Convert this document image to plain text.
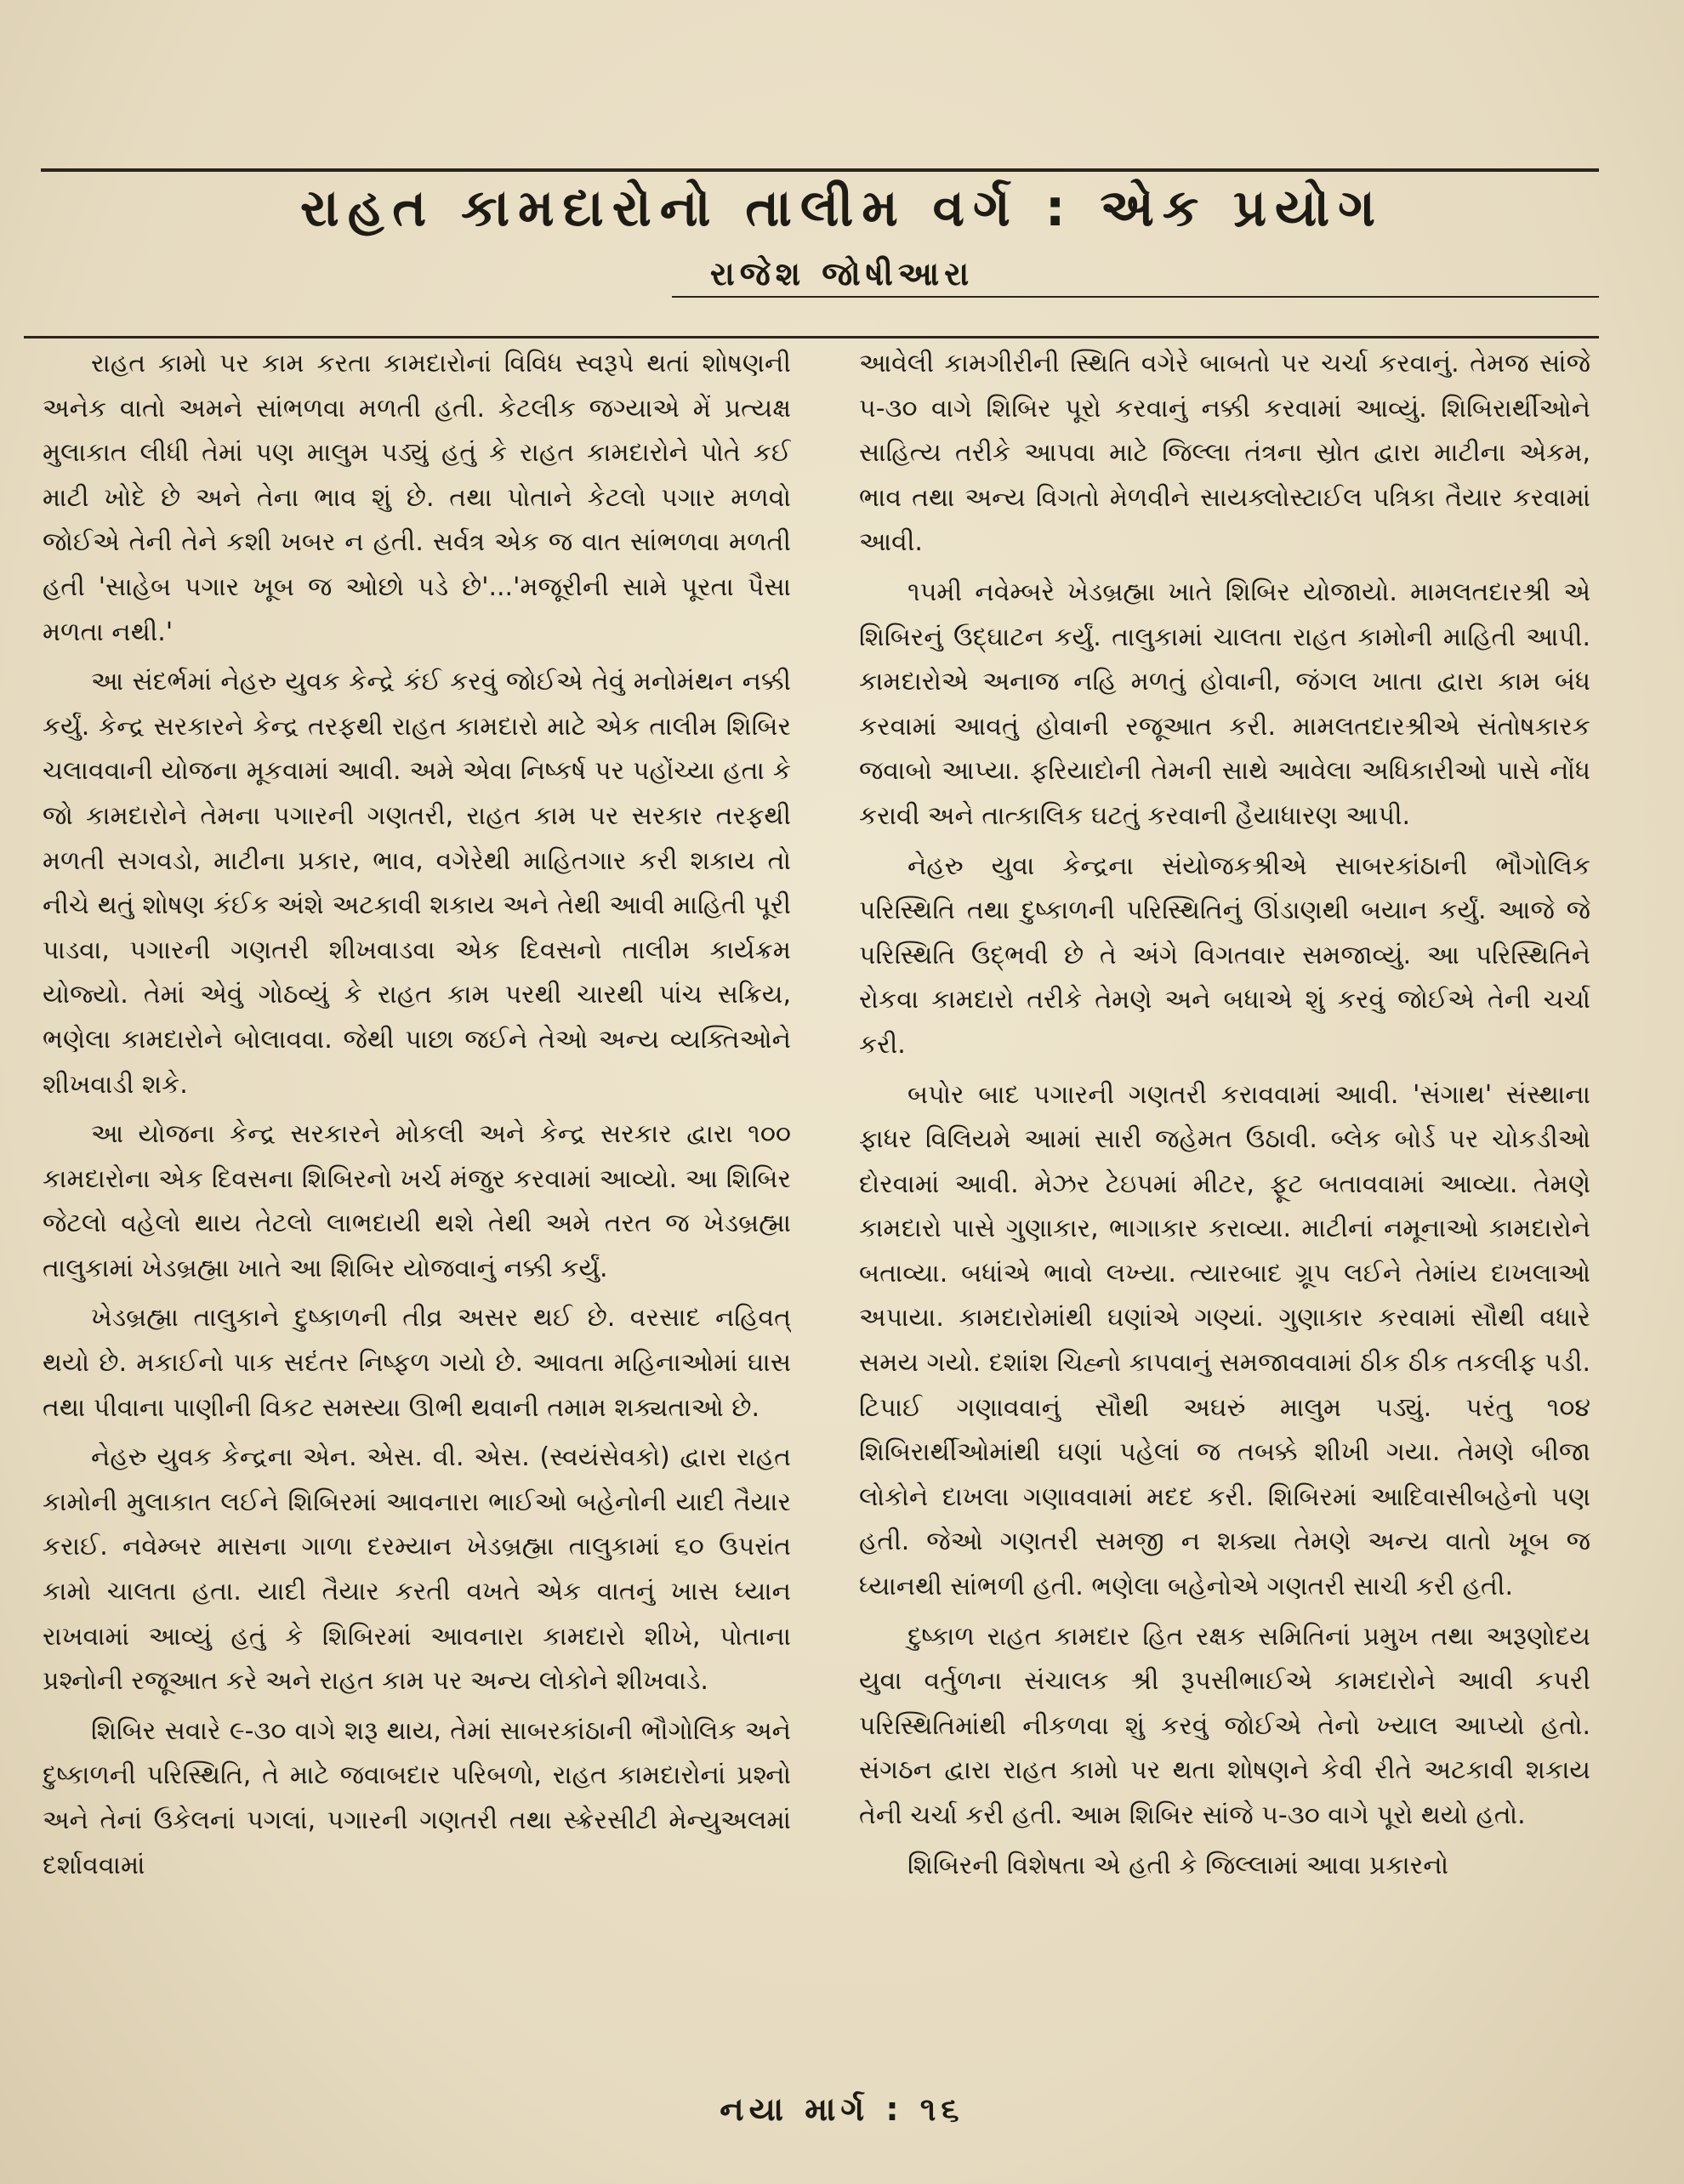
રાહત કામદારોનો તાલીમ વર્ગ : એક પ્રયોગ
રાજેશ જોષીઆરા

રાહત કામો પર કામ કરતા કામદારોનાં વિવિધ સ્વરૂપે થતાં શોષણની અનેક વાતો અમને સાંભળવા મળતી હતી. કેટલીક જગ્યાએ મેં પ્રત્યક્ષ મુલાકાત લીધી તેમાં પણ માલુમ પડ્યું હતું કે રાહત કામદારોને પોતે કઈ માટી ખોદે છે અને તેના ભાવ શું છે. તથા પોતાને કેટલો પગાર મળવો જોઈએ તેની તેને કશી ખબર ન હતી. સર્વત્ર એક જ વાત સાંભળવા મળતી હતી 'સાહેબ પગાર ખૂબ જ ઓછો પડે છે'...'મજૂરીની સામે પૂરતા પૈસા મળતા નથી.'

આ સંદર્ભમાં નેહરુ યુવક કેન્દ્રે કંઈ કરવું જોઈએ તેવું મનોમંથન નક્કી કર્યું. કેન્દ્ર સરકારને કેન્દ્ર તરફથી રાહત કામદારો માટે એક તાલીમ શિબિર ચલાવવાની યોજના મૂકવામાં આવી. અમે એવા નિષ્કર્ષ પર પહોંચ્યા હતા કે જો કામદારોને તેમના પગારની ગણતરી, રાહત કામ પર સરકાર તરફથી મળતી સગવડો, માટીના પ્રકાર, ભાવ, વગેરેથી માહિતગાર કરી શકાય તો નીચે થતું શોષણ કંઈક અંશે અટકાવી શકાય અને તેથી આવી માહિતી પૂરી પાડવા, પગારની ગણતરી શીખવાડવા એક દિવસનો તાલીમ કાર્યક્રમ યોજ્યો. તેમાં એવું ગોઠવ્યું કે રાહત કામ પરથી ચારથી પાંચ સક્રિય, ભણેલા કામદારોને બોલાવવા. જેથી પાછા જઈને તેઓ અન્ય વ્યક્તિઓને શીખવાડી શકે.

આ યોજના કેન્દ્ર સરકારને મોકલી અને કેન્દ્ર સરકાર દ્વારા ૧૦૦ કામદારોના એક દિવસના શિબિરનો ખર્ચ મંજુર કરવામાં આવ્યો. આ શિબિર જેટલો વહેલો થાય તેટલો લાભદાયી થશે તેથી અમે તરત જ ખેડબ્રહ્મા તાલુકામાં ખેડબ્રહ્મા ખાતે આ શિબિર યોજવાનું નક્કી કર્યું.

ખેડબ્રહ્મા તાલુકાને દુષ્કાળની તીવ્ર અસર થઈ છે. વરસાદ નહિવત્ થયો છે. મકાઈનો પાક સદંતર નિષ્ફળ ગયો છે. આવતા મહિનાઓમાં ઘાસ તથા પીવાના પાણીની વિકટ સમસ્યા ઊભી થવાની તમામ શક્યતાઓ છે.

નેહરુ યુવક કેન્દ્રના એન. એસ. વી. એસ. (સ્વયંસેવકો) દ્વારા રાહત કામોની મુલાકાત લઈને શિબિરમાં આવનારા ભાઈઓ બહેનોની યાદી તૈયાર કરાઈ. નવેમ્બર માસના ગાળા દરમ્યાન ખેડબ્રહ્મા તાલુકામાં ૬૦ ઉપરાંત કામો ચાલતા હતા. યાદી તૈયાર કરતી વખતે એક વાતનું ખાસ ધ્યાન રાખવામાં આવ્યું હતું કે શિબિરમાં આવનારા કામદારો શીખે, પોતાના પ્રશ્નોની રજૂઆત કરે અને રાહત કામ પર અન્ય લોકોને શીખવાડે.

શિબિર સવારે ૯-૩૦ વાગે શરૂ થાય, તેમાં સાબરકાંઠાની ભૌગોલિક અને દુષ્કાળની પરિસ્થિતિ, તે માટે જવાબદાર પરિબળો, રાહત કામદારોનાં પ્રશ્નો અને તેનાં ઉકેલનાં પગલાં, પગારની ગણતરી તથા સ્ક્રેરસીટી મેન્યુઅલમાં દર્શાવવામાં

આવેલી કામગીરીની સ્થિતિ વગેરે બાબતો પર ચર્ચા કરવાનું. તેમજ સાંજે ૫-૩૦ વાગે શિબિર પૂરો કરવાનું નક્કી કરવામાં આવ્યું. શિબિરાર્થીઓને સાહિત્ય તરીકે આપવા માટે જિલ્લા તંત્રના સ્રોત દ્વારા માટીના એકમ, ભાવ તથા અન્ય વિગતો મેળવીને સાયક્લોસ્ટાઈલ પત્રિકા તૈયાર કરવામાં આવી.

૧૫મી નવેમ્બરે ખેડબ્રહ્મા ખાતે શિબિર યોજાયો. મામલતદારશ્રી એ શિબિરનું ઉદ્ઘાટન કર્યું. તાલુકામાં ચાલતા રાહત કામોની માહિતી આપી. કામદારોએ અનાજ નહિ મળતું હોવાની, જંગલ ખાતા દ્વારા કામ બંધ કરવામાં આવતું હોવાની રજૂઆત કરી. મામલતદારશ્રીએ સંતોષકારક જવાબો આપ્યા. ફરિયાદોની તેમની સાથે આવેલા અધિકારીઓ પાસે નોંધ કરાવી અને તાત્કાલિક ઘટતું કરવાની હૈયાધારણ આપી.

નેહરુ યુવા કેન્દ્રના સંયોજકશ્રીએ સાબરકાંઠાની ભૌગોલિક પરિસ્થિતિ તથા દુષ્કાળની પરિસ્થિતિનું ઊંડાણથી બયાન કર્યું. આજે જે પરિસ્થિતિ ઉદ્ભવી છે તે અંગે વિગતવાર સમજાવ્યું. આ પરિસ્થિતિને રોકવા કામદારો તરીકે તેમણે અને બધાએ શું કરવું જોઈએ તેની ચર્ચા કરી.

બપોર બાદ પગારની ગણતરી કરાવવામાં આવી. 'સંગાથ' સંસ્થાના ફાધર વિલિયમે આમાં સારી જહેમત ઉઠાવી. બ્લેક બોર્ડ પર ચોકડીઓ દોરવામાં આવી. મેઝર ટેઇપમાં મીટર, ફૂટ બતાવવામાં આવ્યા. તેમણે કામદારો પાસે ગુણાકાર, ભાગાકાર કરાવ્યા. માટીનાં નમૂનાઓ કામદારોને બતાવ્યા. બધાંએ ભાવો લખ્યા. ત્યારબાદ ગ્રૂપ લઈને તેમાંય દાખલાઓ અપાયા. કામદારોમાંથી ઘણાંએ ગણ્યાં. ગુણાકાર કરવામાં સૌથી વધારે સમય ગયો. દશાંશ ચિહ્નો કાપવાનું સમજાવવામાં ઠીક ઠીક તકલીફ પડી. ટિપાઈ ગણાવવાનું સૌથી અઘરું માલુમ પડ્યું. પરંતુ ૧૦૪ શિબિરાર્થીઓમાંથી ઘણાં પહેલાં જ તબક્કે શીખી ગયા. તેમણે બીજા લોકોને દાખલા ગણાવવામાં મદદ કરી. શિબિરમાં આદિવાસીબહેનો પણ હતી. જેઓ ગણતરી સમજી ન શક્યા તેમણે અન્ય વાતો ખૂબ જ ધ્યાનથી સાંભળી હતી. ભણેલા બહેનોએ ગણતરી સાચી કરી હતી.

દુષ્કાળ રાહત કામદાર હિત રક્ષક સમિતિનાં પ્રમુખ તથા અરૂણોદય યુવા વર્તુળના સંચાલક શ્રી રૂપસીભાઈએ કામદારોને આવી કપરી પરિસ્થિતિમાંથી નીકળવા શું કરવું જોઈએ તેનો ખ્યાલ આપ્યો હતો. સંગઠન દ્વારા રાહત કામો પર થતા શોષણને કેવી રીતે અટકાવી શકાય તેની ચર્ચા કરી હતી. આમ શિબિર સાંજે ૫-૩૦ વાગે પૂરો થયો હતો.

શિબિરની વિશેષતા એ હતી કે જિલ્લામાં આવા પ્રકારનો

નયા માર્ગ : ૧૬
